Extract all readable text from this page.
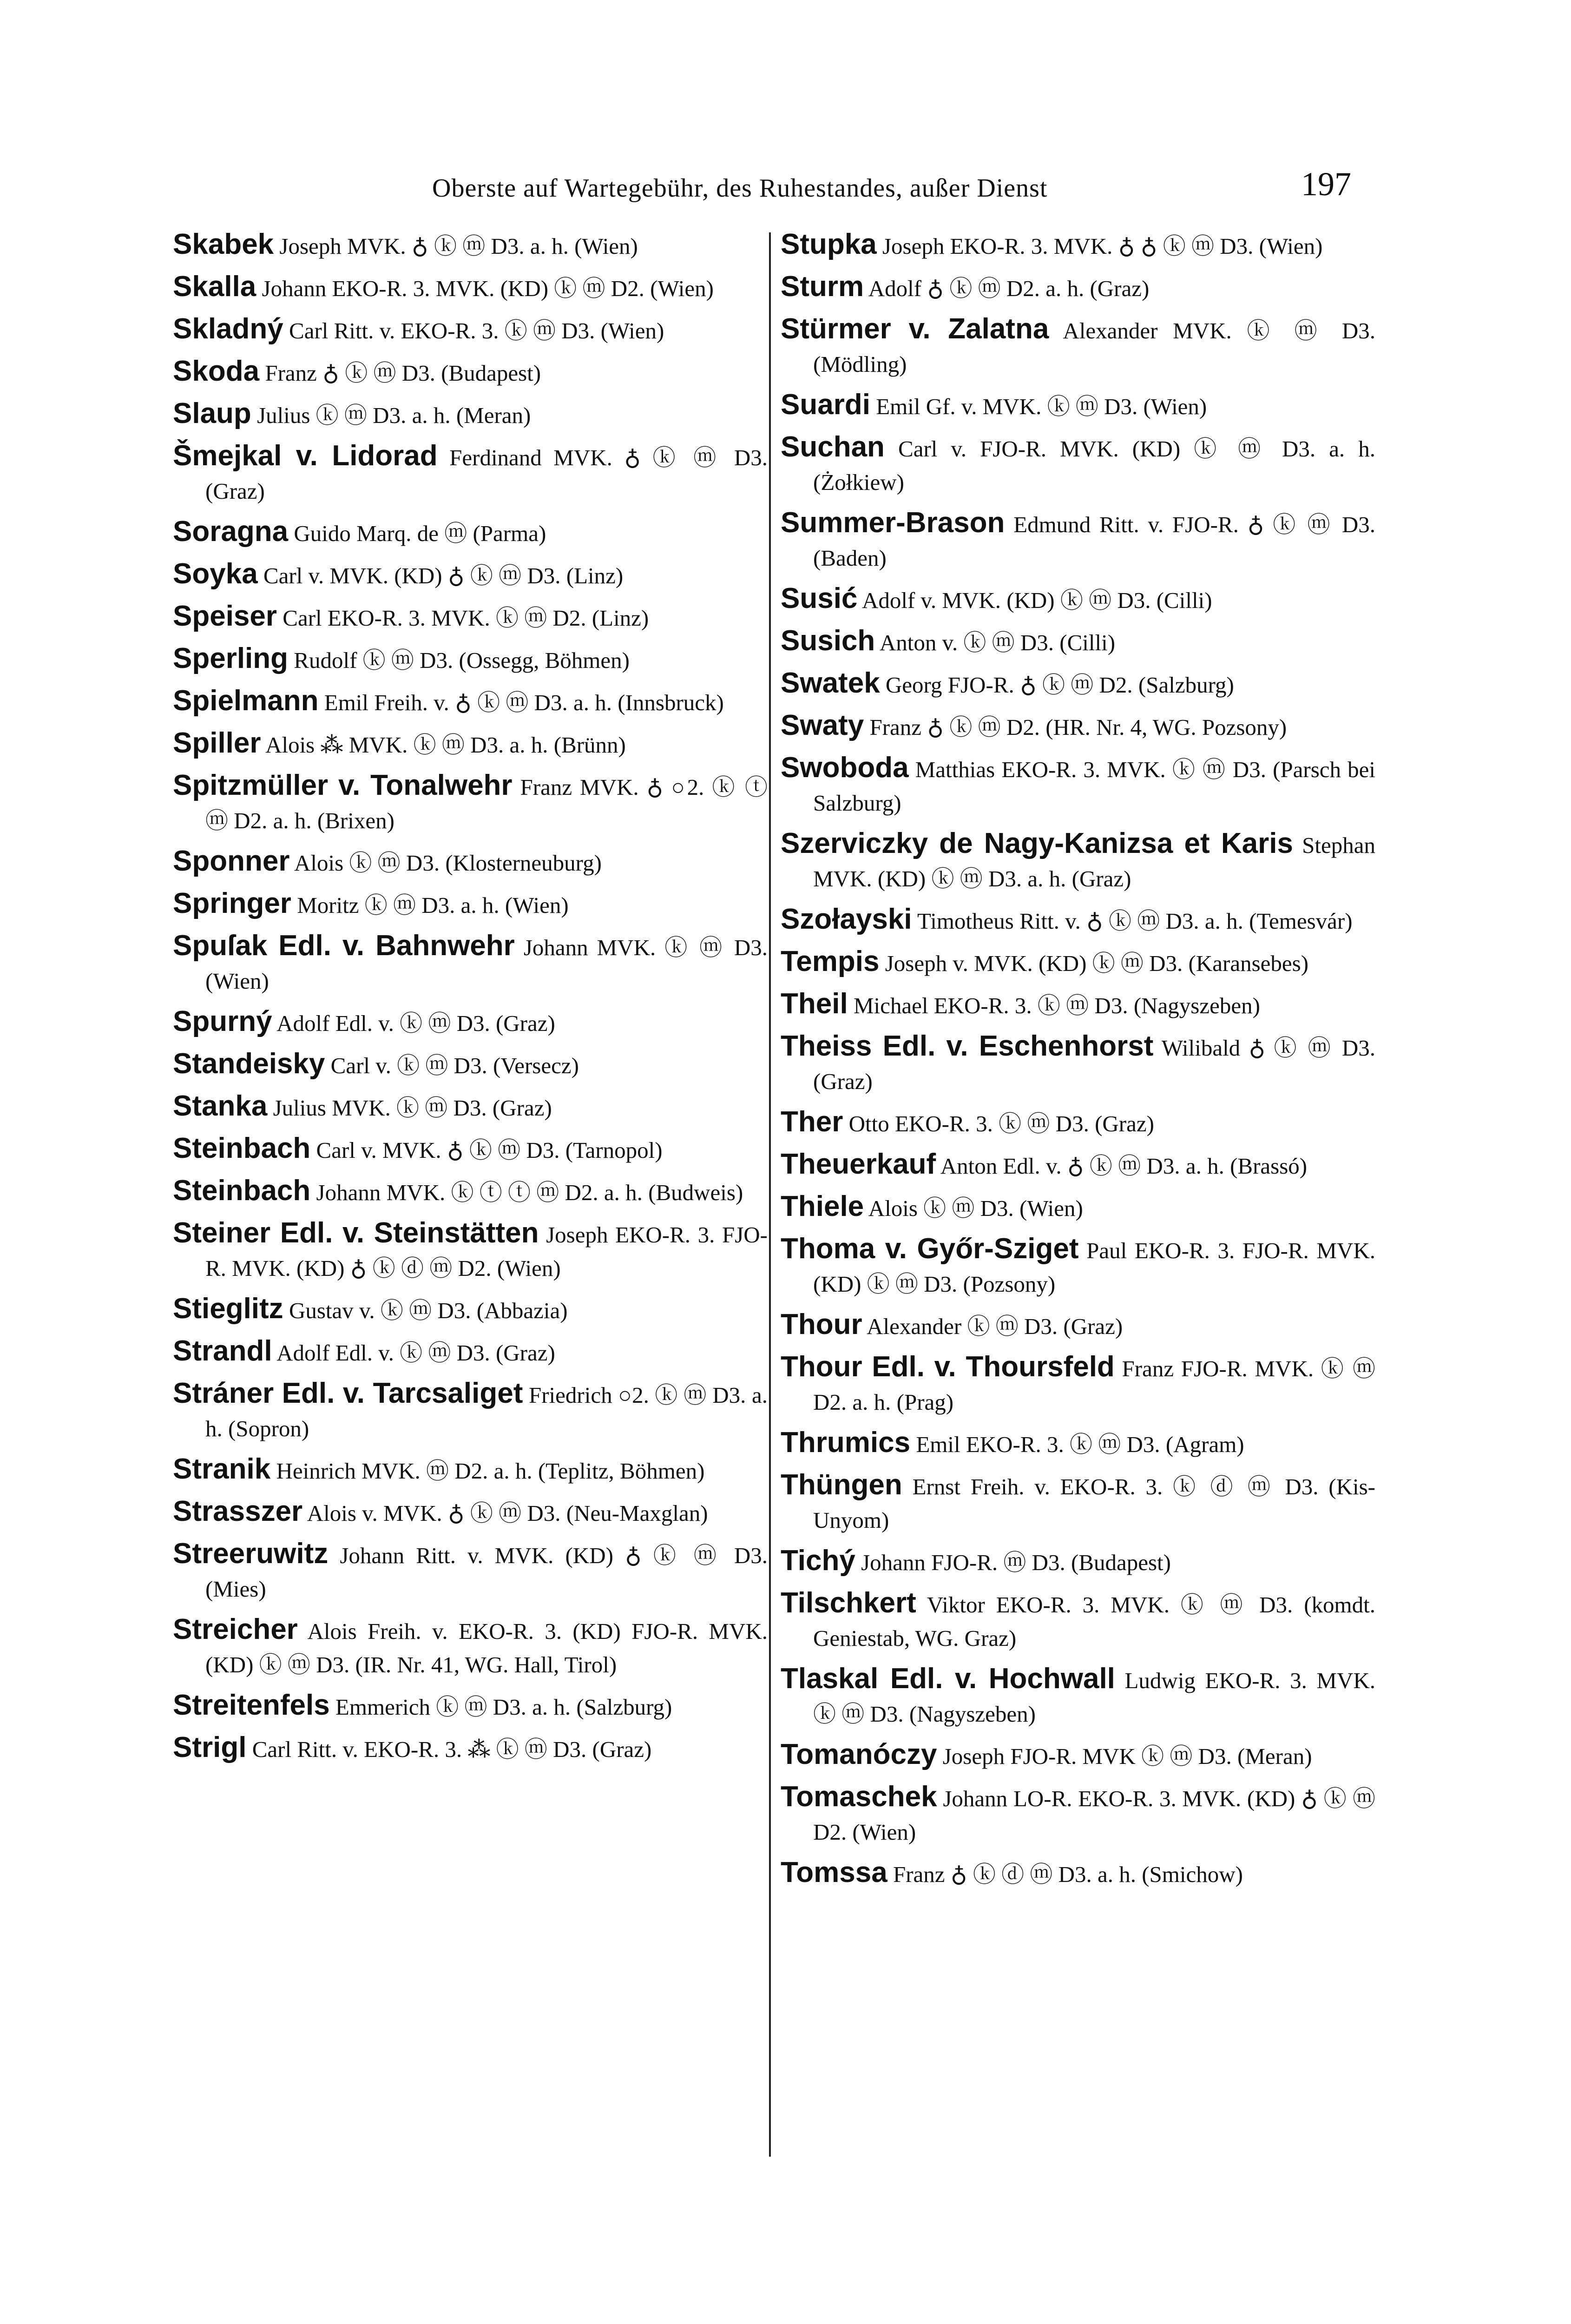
Oberste auf Wartegebühr, des Ruhestandes, außer Dienst	197

Skabek Joseph MVK. ♁ ⓚ ⓜ D3. a. h. (Wien)

Skalla Johann EKO-R. 3. MVK. (KD) ⓚ ⓜ D2. (Wien)

Skladný Carl Ritt. v. EKO-R. 3. ⓚ ⓜ D3. (Wien)

Skoda Franz ♁ ⓚ ⓜ D3. (Budapest)

Slaup Julius ⓚ ⓜ D3. a. h. (Meran)

Šmejkal v. Lidorad Ferdinand MVK. ♁ ⓚ ⓜ D3. (Graz)

Soragna Guido Marq. de ⓜ (Parma)

Soyka Carl v. MVK. (KD) ♁ ⓚ ⓜ D3. (Linz)

Speiser Carl EKO-R. 3. MVK. ⓚ ⓜ D2. (Linz)

Sperling Rudolf ⓚ ⓜ D3. (Ossegg, Böhmen)

Spielmann Emil Freih. v. ♁ ⓚ ⓜ D3. a. h. (Innsbruck)

Spiller Alois ⁂ MVK. ⓚ ⓜ D3. a. h. (Brünn)

Spitzmüller v. Tonalwehr Franz MVK. ♁ ○2. ⓚ ⓣ ⓜ D2. a. h. (Brixen)

Sponner Alois ⓚ ⓜ D3. (Klosterneuburg)

Springer Moritz ⓚ ⓜ D3. a. h. (Wien)

Spuſak Edl. v. Bahnwehr Johann MVK. ⓚ ⓜ D3. (Wien)

Spurný Adolf Edl. v. ⓚ ⓜ D3. (Graz)

Standeisky Carl v. ⓚ ⓜ D3. (Versecz)

Stanka Julius MVK. ⓚ ⓜ D3. (Graz)

Steinbach Carl v. MVK. ♁ ⓚ ⓜ D3. (Tarnopol)

Steinbach Johann MVK. ⓚ ⓣ ⓣ ⓜ D2. a. h. (Budweis)

Steiner Edl. v. Steinstätten Joseph EKO-R. 3. FJO-R. MVK. (KD) ♁ ⓚ ⓓ ⓜ D2. (Wien)

Stieglitz Gustav v. ⓚ ⓜ D3. (Abbazia)

Strandl Adolf Edl. v. ⓚ ⓜ D3. (Graz)

Stráner Edl. v. Tarcsaliget Friedrich ○2. ⓚ ⓜ D3. a. h. (Sopron)

Stranik Heinrich MVK. ⓜ D2. a. h. (Teplitz, Böhmen)

Strasszer Alois v. MVK. ♁ ⓚ ⓜ D3. (Neu-Maxglan)

Streeruwitz Johann Ritt. v. MVK. (KD) ♁ ⓚ ⓜ D3. (Mies)

Streicher Alois Freih. v. EKO-R. 3. (KD) FJO-R. MVK. (KD) ⓚ ⓜ D3. (IR. Nr. 41, WG. Hall, Tirol)

Streitenfels Emmerich ⓚ ⓜ D3. a. h. (Salzburg)

Strigl Carl Ritt. v. EKO-R. 3. ⁂ ⓚ ⓜ D3. (Graz)

Stupka Joseph EKO-R. 3. MVK. ♁ ♁ ⓚ ⓜ D3. (Wien)

Sturm Adolf ♁ ⓚ ⓜ D2. a. h. (Graz)

Stürmer v. Zalatna Alexander MVK. ⓚ ⓜ D3. (Mödling)

Suardi Emil Gf. v. MVK. ⓚ ⓜ D3. (Wien)

Suchan Carl v. FJO-R. MVK. (KD) ⓚ ⓜ D3. a. h. (Żołkiew)

Summer-Brason Edmund Ritt. v. FJO-R. ♁ ⓚ ⓜ D3. (Baden)

Susić Adolf v. MVK. (KD) ⓚ ⓜ D3. (Cilli)

Susich Anton v. ⓚ ⓜ D3. (Cilli)

Swatek Georg FJO-R. ♁ ⓚ ⓜ D2. (Salzburg)

Swaty Franz ♁ ⓚ ⓜ D2. (HR. Nr. 4, WG. Pozsony)

Swoboda Matthias EKO-R. 3. MVK. ⓚ ⓜ D3. (Parsch bei Salzburg)

Szerviczky de Nagy-Kanizsa et Karis Stephan MVK. (KD) ⓚ ⓜ D3. a. h. (Graz)

Szołayski Timotheus Ritt. v. ♁ ⓚ ⓜ D3. a. h. (Temesvár)

Tempis Joseph v. MVK. (KD) ⓚ ⓜ D3. (Karansebes)

Theil Michael EKO-R. 3. ⓚ ⓜ D3. (Nagyszeben)

Theiss Edl. v. Eschenhorst Wilibald ♁ ⓚ ⓜ D3. (Graz)

Ther Otto EKO-R. 3. ⓚ ⓜ D3. (Graz)

Theuerkauf Anton Edl. v. ♁ ⓚ ⓜ D3. a. h. (Brassó)

Thiele Alois ⓚ ⓜ D3. (Wien)

Thoma v. Győr-Sziget Paul EKO-R. 3. FJO-R. MVK. (KD) ⓚ ⓜ D3. (Pozsony)

Thour Alexander ⓚ ⓜ D3. (Graz)

Thour Edl. v. Thoursfeld Franz FJO-R. MVK. ⓚ ⓜ D2. a. h. (Prag)

Thrumics Emil EKO-R. 3. ⓚ ⓜ D3. (Agram)

Thüngen Ernst Freih. v. EKO-R. 3. ⓚ ⓓ ⓜ D3. (Kis-Unyom)

Tichý Johann FJO-R. ⓜ D3. (Budapest)

Tilschkert Viktor EKO-R. 3. MVK. ⓚ ⓜ D3. (komdt. Geniestab, WG. Graz)

Tlaskal Edl. v. Hochwall Ludwig EKO-R. 3. MVK. ⓚ ⓜ D3. (Nagyszeben)

Tomanóczy Joseph FJO-R. MVK ⓚ ⓜ D3. (Meran)

Tomaschek Johann LO-R. EKO-R. 3. MVK. (KD) ♁ ⓚ ⓜ D2. (Wien)

Tomssa Franz ♁ ⓚ ⓓ ⓜ D3. a. h. (Smichow)
